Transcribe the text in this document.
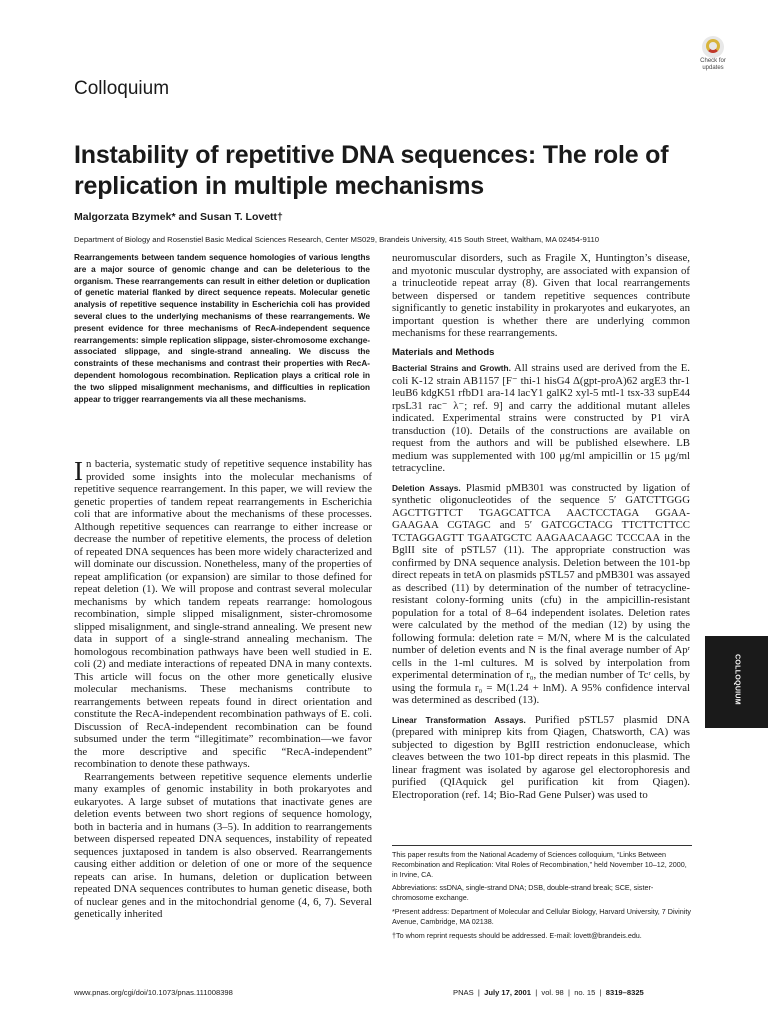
Colloquium
Check for updates
Instability of repetitive DNA sequences: The role of replication in multiple mechanisms
Malgorzata Bzymek* and Susan T. Lovett†
Department of Biology and Rosenstiel Basic Medical Sciences Research, Center MS029, Brandeis University, 415 South Street, Waltham, MA 02454-9110
Rearrangements between tandem sequence homologies of various lengths are a major source of genomic change and can be deleterious to the organism. These rearrangements can result in either deletion or duplication of genetic material flanked by direct sequence repeats. Molecular genetic analysis of repetitive sequence instability in Escherichia coli has provided several clues to the underlying mechanisms of these rearrangements. We present evidence for three mechanisms of RecA-independent sequence rearrangements: simple replication slippage, sister-chromosome exchange-associated slippage, and single-strand annealing. We discuss the constraints of these mechanisms and contrast their properties with RecA-dependent homologous recombination. Replication plays a critical role in the two slipped misalignment mechanisms, and difficulties in replication appear to trigger rearrangements via all these mechanisms.

In bacteria, systematic study of repetitive sequence instability has provided some insights into the molecular mechanisms of repetitive sequence rearrangement. In this paper, we will review the genetic properties of tandem repeat rearrangements in Escherichia coli that are informative about the mechanisms of these processes. Although repetitive sequences can rearrange to either increase or decrease the number of repetitive elements, the process of deletion of repeated DNA sequences has been more widely characterized and will dominate our discussion. Nonetheless, many of the properties of repeat amplification (or expansion) are similar to those defined for repeat deletion (1). We will propose and contrast several molecular mechanisms by which tandem repeats rearrange: homologous recombination, simple slipped misalignment, sister-chromosome slipped misalignment, and single-strand annealing. We present new data in support of a single-strand annealing mechanism. The homologous recombination pathways have been well studied in E. coli (2) and mediate interactions of repeated DNA in many contexts. This article will focus on the other more genetically elusive molecular mechanisms. These mechanisms contribute to rearrangements between repeats found in direct orientation and constitute the RecA-independent recombination pathways of E. coli. Discussion of RecA-independent recombination can be found subsumed under the term “illegitimate” recombination—we favor the more descriptive and specific “RecA-independent” recombination to denote these pathways.

Rearrangements between repetitive sequence elements underlie many examples of genomic instability in both prokaryotes and eukaryotes. A large subset of mutations that inactivate genes are deletion events between two short regions of sequence homology, both in bacteria and in humans (3–5). In addition to rearrangements between dispersed repeated DNA sequences, instability of repeated sequences juxtaposed in tandem is also observed. Rearrangements causing either addition or deletion of one or more of the sequence repeats can arise. In humans, deletion or duplication between repeated DNA sequences contributes to human genetic disease, both of nuclear genes and in the mitochondrial genome (4, 6, 7). Several genetically inherited

neuromuscular disorders, such as Fragile X, Huntington’s disease, and myotonic muscular dystrophy, are associated with expansion of a trinucleotide repeat array (8). Given that local rearrangements between dispersed or tandem repetitive sequences contribute significantly to genetic instability in prokaryotes and eukaryotes, an important question is whether there are underlying common mechanisms for these rearrangements.

Materials and Methods

Bacterial Strains and Growth. All strains used are derived from the E. coli K-12 strain AB1157 [F⁻ thi-1 hisG4 Δ(gpt-proA)62 argE3 thr-1 leuB6 kdgK51 rfbD1 ara-14 lacY1 galK2 xyl-5 mtl-1 tsx-33 supE44 rpsL31 rac⁻ λ⁻; ref. 9] and carry the additional mutant alleles indicated. Experimental strains were constructed by P1 virA transduction (10). Details of the constructions are available on request from the authors and will be published elsewhere. LB medium was supplemented with 100 μg/ml ampicillin or 15 μg/ml tetracycline.

Deletion Assays. Plasmid pMB301 was constructed by ligation of synthetic oligonucleotides of the sequence 5′ GATCTTGGG AGCTTGTTCT TGAGCATTCA AACTCCTAGA GGAA-GAAGAA CGTAGC and 5′ GATCGCTACG TTCTTCTTCC TCTAGGAGTT TGAATGCTC AAGAACAAGC TCCCAA in the BglII site of pSTL57 (11). The appropriate construction was confirmed by DNA sequence analysis. Deletion between the 101-bp direct repeats in tetA on plasmids pSTL57 and pMB301 was assayed as described (11) by determination of the number of tetracycline-resistant colony-forming units (cfu) in the ampicillin-resistant population for a total of 8–64 independent isolates. Deletion rates were calculated by the method of the median (12) by using the following formula: deletion rate = M/N, where M is the calculated number of deletion events and N is the final average number of Apʳ cells in the 1-ml cultures. M is solved by interpolation from experimental determination of r₀, the median number of Tcʳ cells, by using the formula r₀ = M(1.24 + lnM). A 95% confidence interval was determined as described (13).

Linear Transformation Assays. Purified pSTL57 plasmid DNA (prepared with miniprep kits from Qiagen, Chatsworth, CA) was subjected to digestion by BglII restriction endonuclease, which cleaves between the two 101-bp direct repeats in this plasmid. The linear fragment was isolated by agarose gel electorophoresis and purified (QIAquick gel purification kit from Qiagen). Electroporation (ref. 14; Bio-Rad Gene Pulser) was used to

This paper results from the National Academy of Sciences colloquium, “Links Between Recombination and Replication: Vital Roles of Recombination,” held November 10–12, 2000, in Irvine, CA.

Abbreviations: ssDNA, single-strand DNA; DSB, double-strand break; SCE, sister-chromosome exchange.

*Present address: Department of Molecular and Cellular Biology, Harvard University, 7 Divinity Avenue, Cambridge, MA 02138.

†To whom reprint requests should be addressed. E-mail: lovett@brandeis.edu.

COLLOQUIUM
www.pnas.org/cgi/doi/10.1073/pnas.111008398	PNAS  |  July 17, 2001  |  vol. 98  |  no. 15  |  8319–8325
